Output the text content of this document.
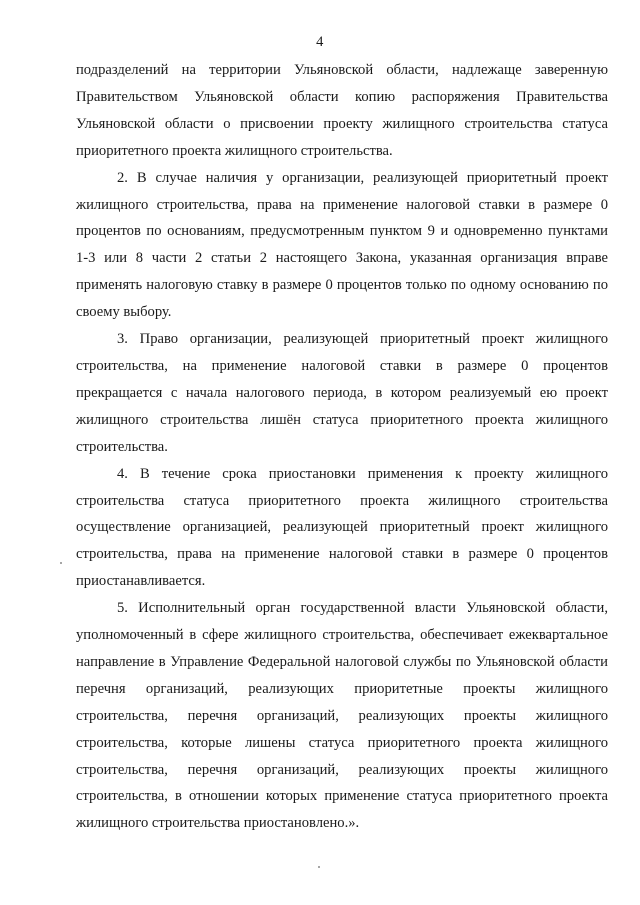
4

подразделений на территории Ульяновской области, надлежаще заверенную Правительством Ульяновской области копию распоряжения Правительства Ульяновской области о присвоении проекту жилищного строительства статуса приоритетного проекта жилищного строительства.

2. В случае наличия у организации, реализующей приоритетный проект жилищного строительства, права на применение налоговой ставки в размере 0 процентов по основаниям, предусмотренным пунктом 9 и одновременно пунктами 1-3 или 8 части 2 статьи 2 настоящего Закона, указанная организация вправе применять налоговую ставку в размере 0 процентов только по одному основанию по своему выбору.

3. Право организации, реализующей приоритетный проект жилищного строительства, на применение налоговой ставки в размере 0 процентов прекращается с начала налогового периода, в котором реализуемый ею проект жилищного строительства лишён статуса приоритетного проекта жилищного строительства.

4. В течение срока приостановки применения к проекту жилищного строительства статуса приоритетного проекта жилищного строительства осуществление организацией, реализующей приоритетный проект жилищного строительства, права на применение налоговой ставки в размере 0 процентов приостанавливается.

5. Исполнительный орган государственной власти Ульяновской области, уполномоченный в сфере жилищного строительства, обеспечивает ежеквартальное направление в Управление Федеральной налоговой службы по Ульяновской области перечня организаций, реализующих приоритетные проекты жилищного строительства, перечня организаций, реализующих проекты жилищного строительства, которые лишены статуса приоритетного проекта жилищного строительства, перечня организаций, реализующих проекты жилищного строительства, в отношении которых применение статуса приоритетного проекта жилищного строительства приостановлено.».
